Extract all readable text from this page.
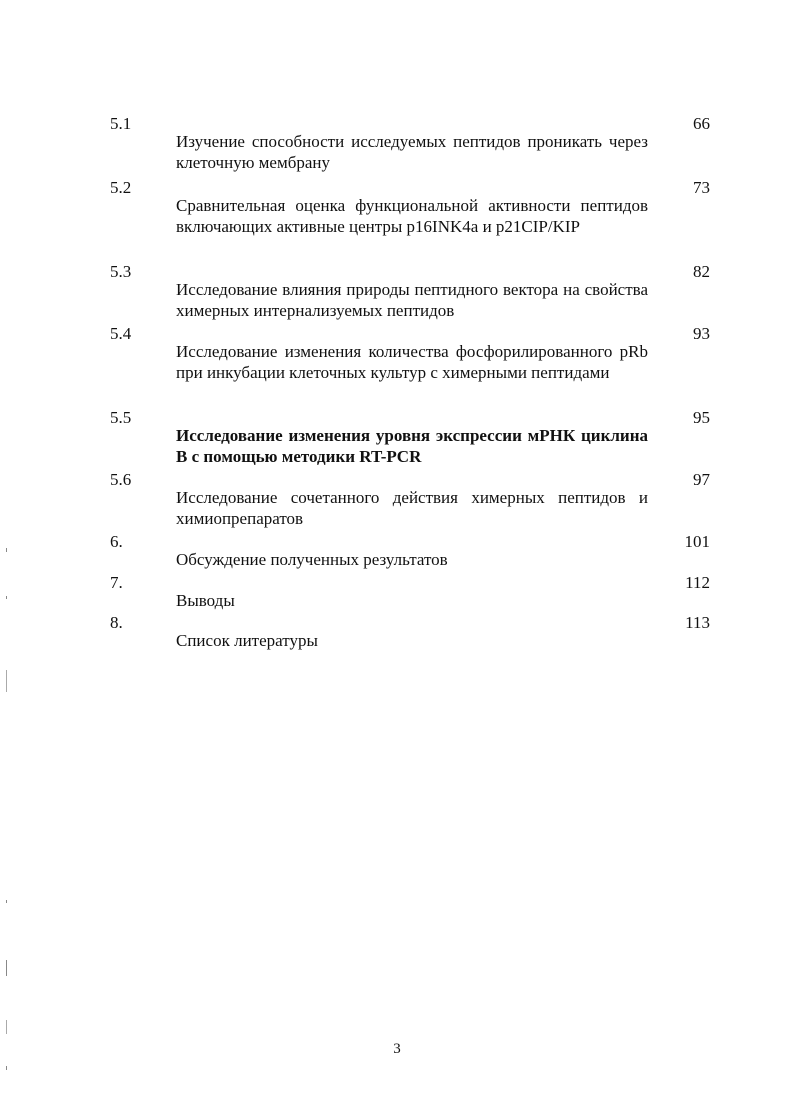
5.1	66
Изучение способности исследуемых пептидов проникать через клеточную мембрану
5.2	73
Сравнительная оценка функциональной активности пептидов включающих активные центры p16INK4a и p21CIP/KIP
5.3	82
Исследование влияния природы пептидного вектора на свойства химерных интернализуемых пептидов
5.4	93
Исследование изменения количества фосфорилированного pRb при инкубации клеточных культур с химерными пептидами
5.5	95
Исследование изменения уровня экспрессии мРНК циклина В с помощью методики RT-PCR
5.6	97
Исследование сочетанного действия химерных пептидов и химиопрепаратов
6.	101
Обсуждение полученных результатов
7.	112
Выводы
8.	113
Список литературы
3
